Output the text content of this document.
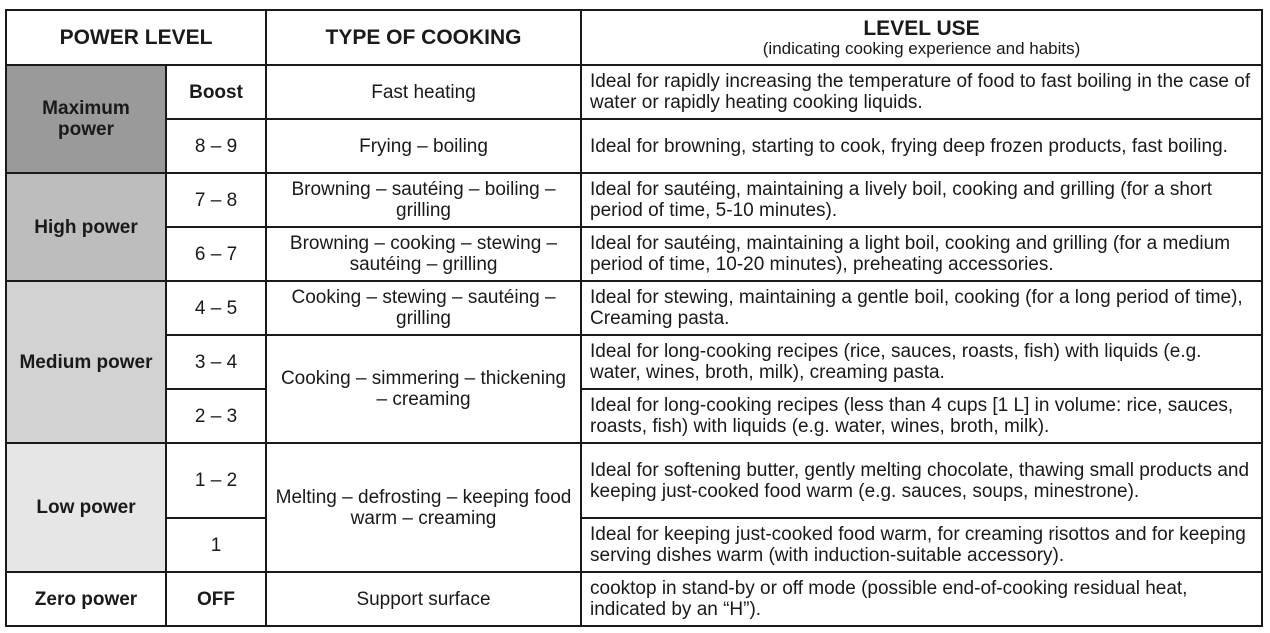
POWER LEVEL		TYPE OF COOKING	LEVEL USE
(indicating cooking experience and habits)

Maximum power	Boost	Fast heating	Ideal for rapidly increasing the temperature of food to fast boiling in the case of water or rapidly heating cooking liquids.
	8 – 9	Frying – boiling	Ideal for browning, starting to cook, frying deep frozen products, fast boiling.
High power	7 – 8	Browning – sautéing – boiling – grilling	Ideal for sautéing, maintaining a lively boil, cooking and grilling (for a short period of time, 5-10 minutes).
	6 – 7	Browning – cooking – stewing – sautéing – grilling	Ideal for sautéing, maintaining a light boil, cooking and grilling (for a medium period of time, 10-20 minutes), preheating accessories.
Medium power	4 – 5	Cooking – stewing – sautéing – grilling	Ideal for stewing, maintaining a gentle boil, cooking (for a long period of time), Creaming pasta.
	3 – 4	Cooking – simmering – thickening – creaming	Ideal for long-cooking recipes (rice, sauces, roasts, fish) with liquids (e.g. water, wines, broth, milk), creaming pasta.
	2 – 3		Ideal for long-cooking recipes (less than 4 cups [1 L] in volume: rice, sauces, roasts, fish) with liquids (e.g. water, wines, broth, milk).
Low power	1 – 2	Melting – defrosting – keeping food warm – creaming	Ideal for softening butter, gently melting chocolate, thawing small products and keeping just-cooked food warm (e.g. sauces, soups, minestrone).
	1		Ideal for keeping just-cooked food warm, for creaming risottos and for keeping serving dishes warm (with induction-suitable accessory).
Zero power	OFF	Support surface	cooktop in stand-by or off mode (possible end-of-cooking residual heat, indicated by an “H”).
